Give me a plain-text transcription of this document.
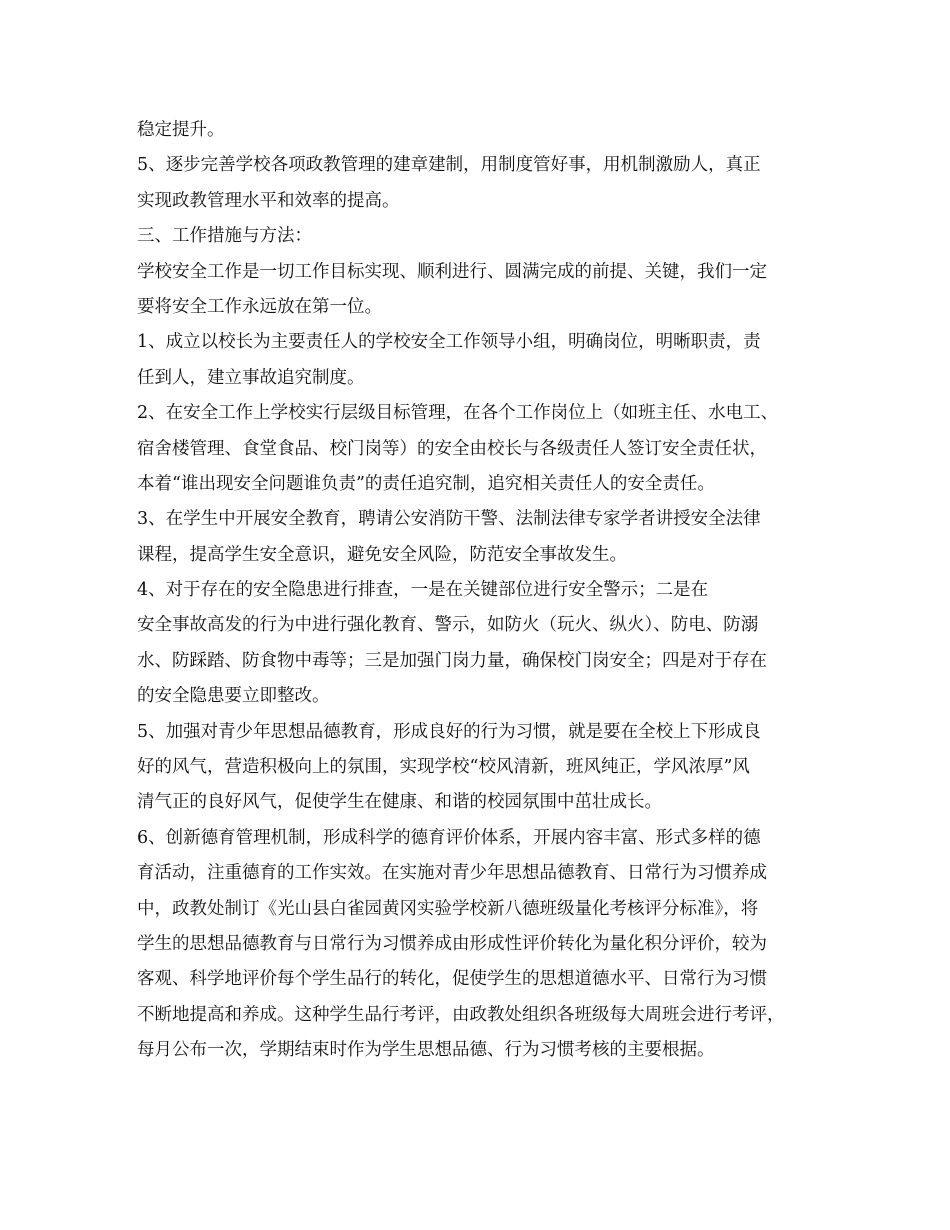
稳定提升。

5、逐步完善学校各项政教管理的建章建制，用制度管好事，用机制激励人，真正

实现政教管理水平和效率的提高。

三、工作措施与方法：

学校安全工作是一切工作目标实现、顺利进行、圆满完成的前提、关键，我们一定

要将安全工作永远放在第一位。

1、成立以校长为主要责任人的学校安全工作领导小组，明确岗位，明晰职责，责

任到人，建立事故追究制度。

2、在安全工作上学校实行层级目标管理，在各个工作岗位上（如班主任、水电工、

宿舍楼管理、食堂食品、校门岗等）的安全由校长与各级责任人签订安全责任状，

本着“谁出现安全问题谁负责”的责任追究制，追究相关责任人的安全责任。

3、在学生中开展安全教育，聘请公安消防干警、法制法律专家学者讲授安全法律

课程，提高学生安全意识，避免安全风险，防范安全事故发生。

4、对于存在的安全隐患进行排查，一是在关键部位进行安全警示；二是在

安全事故高发的行为中进行强化教育、警示，如防火（玩火、纵火）、防电、防溺

水、防踩踏、防食物中毒等；三是加强门岗力量，确保校门岗安全；四是对于存在

的安全隐患要立即整改。

5、加强对青少年思想品德教育，形成良好的行为习惯，就是要在全校上下形成良

好的风气，营造积极向上的氛围，实现学校“校风清新，班风纯正，学风浓厚”风

清气正的良好风气，促使学生在健康、和谐的校园氛围中茁壮成长。

6、创新德育管理机制，形成科学的德育评价体系，开展内容丰富、形式多样的德

育活动，注重德育的工作实效。在实施对青少年思想品德教育、日常行为习惯养成

中，政教处制订《光山县白雀园黄冈实验学校新八德班级量化考核评分标准》，将

学生的思想品德教育与日常行为习惯养成由形成性评价转化为量化积分评价，较为

客观、科学地评价每个学生品行的转化，促使学生的思想道德水平、日常行为习惯

不断地提高和养成。这种学生品行考评，由政教处组织各班级每大周班会进行考评，

每月公布一次，学期结束时作为学生思想品德、行为习惯考核的主要根据。
